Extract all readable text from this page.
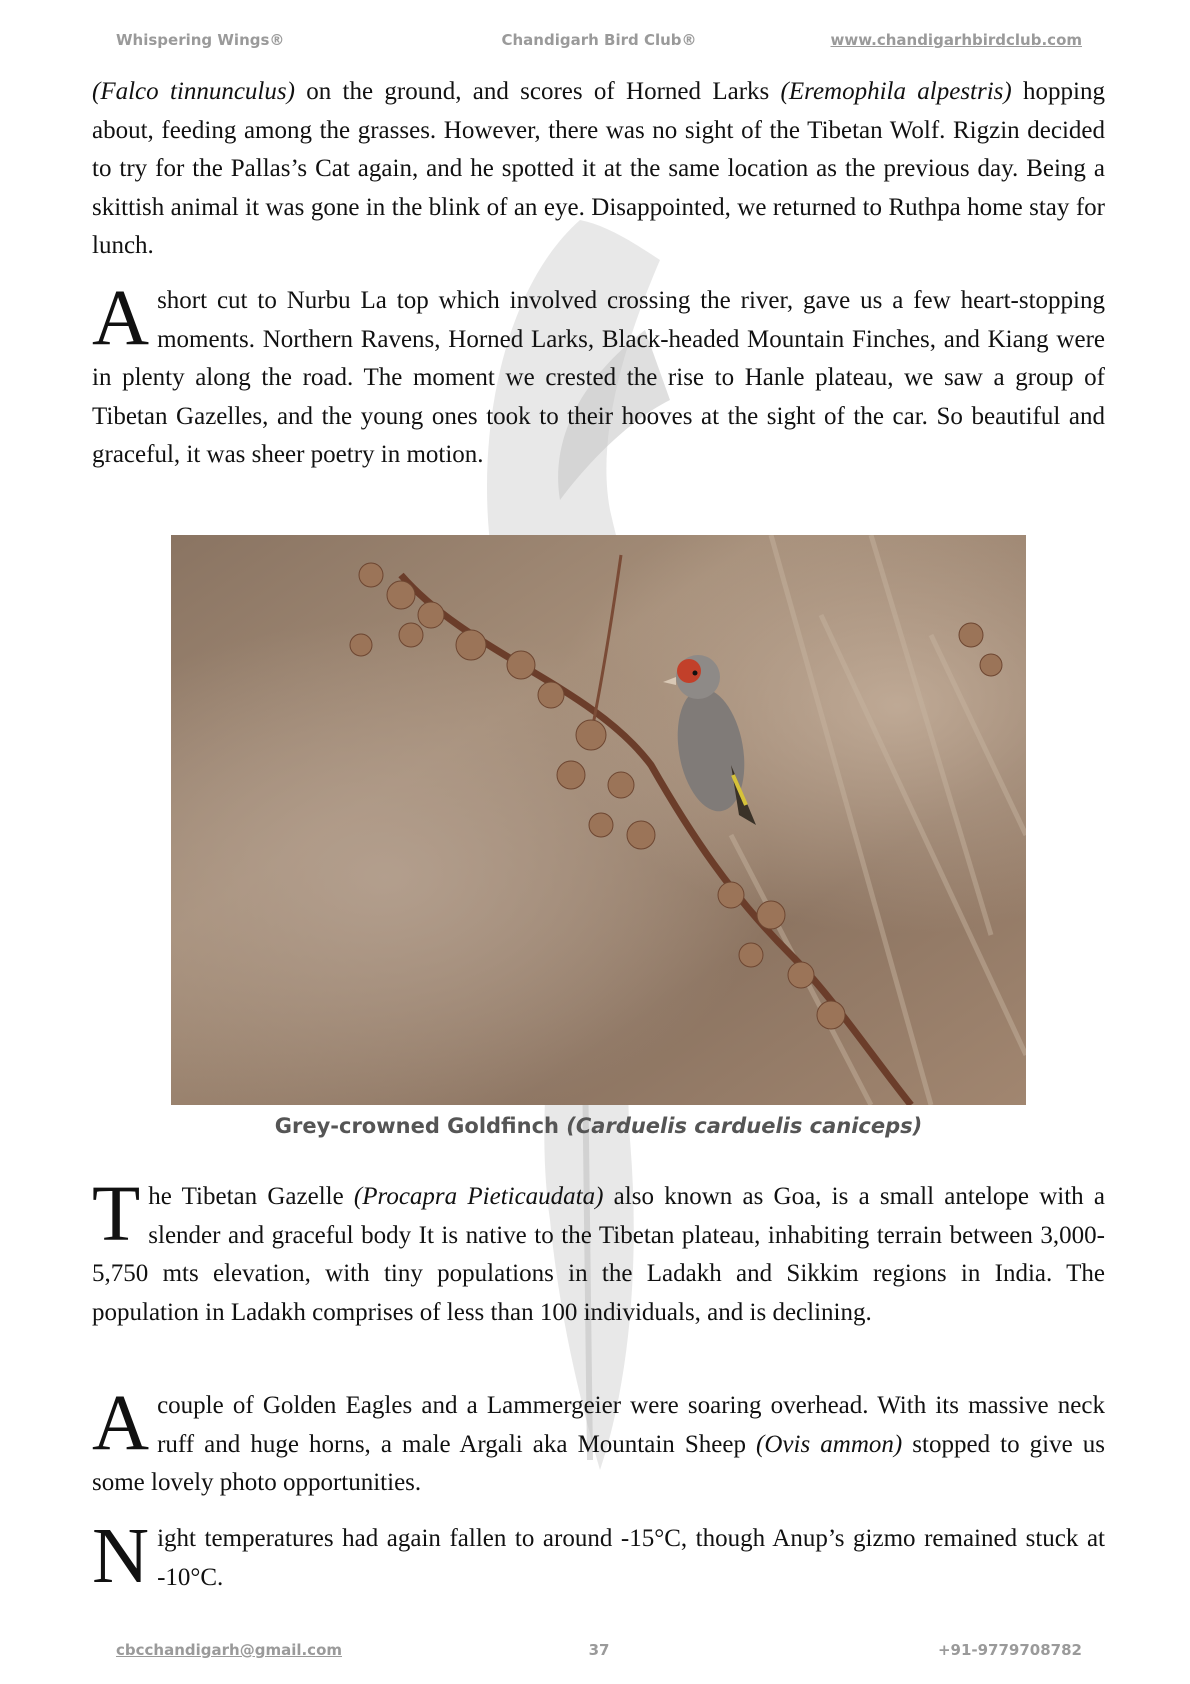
Whispering Wings®	Chandigarh Bird Club®	www.chandigarhbirdclub.com
(Falco tinnunculus) on the ground, and scores of Horned Larks (Eremophila alpestris) hopping about, feeding among the grasses. However, there was no sight of the Tibetan Wolf. Rigzin decided to try for the Pallas’s Cat again, and he spotted it at the same location as the previous day. Being a skittish animal it was gone in the blink of an eye. Disappointed, we returned to Ruthpa home stay for lunch.
A short cut to Nurbu La top which involved crossing the river, gave us a few heart-stopping moments. Northern Ravens, Horned Larks, Black-headed Mountain Finches, and Kiang were in plenty along the road. The moment we crested the rise to Hanle plateau, we saw a group of Tibetan Gazelles, and the young ones took to their hooves at the sight of the car. So beautiful and graceful, it was sheer poetry in motion.
Grey-crowned Goldfinch (Carduelis carduelis caniceps)
The Tibetan Gazelle (Procapra Pieticaudata) also known as Goa, is a small antelope with a slender and graceful body It is native to the Tibetan plateau, inhabiting terrain between 3,000-5,750 mts elevation, with tiny populations in the Ladakh and Sikkim regions in India. The population in Ladakh comprises of less than 100 individuals, and is declining.
A couple of Golden Eagles and a Lammergeier were soaring overhead. With its massive neck ruff and huge horns, a male Argali aka Mountain Sheep (Ovis ammon) stopped to give us some lovely photo opportunities.
Night temperatures had again fallen to around -15°C, though Anup’s gizmo remained stuck at -10°C.
cbcchandigarh@gmail.com	37	+91-9779708782
